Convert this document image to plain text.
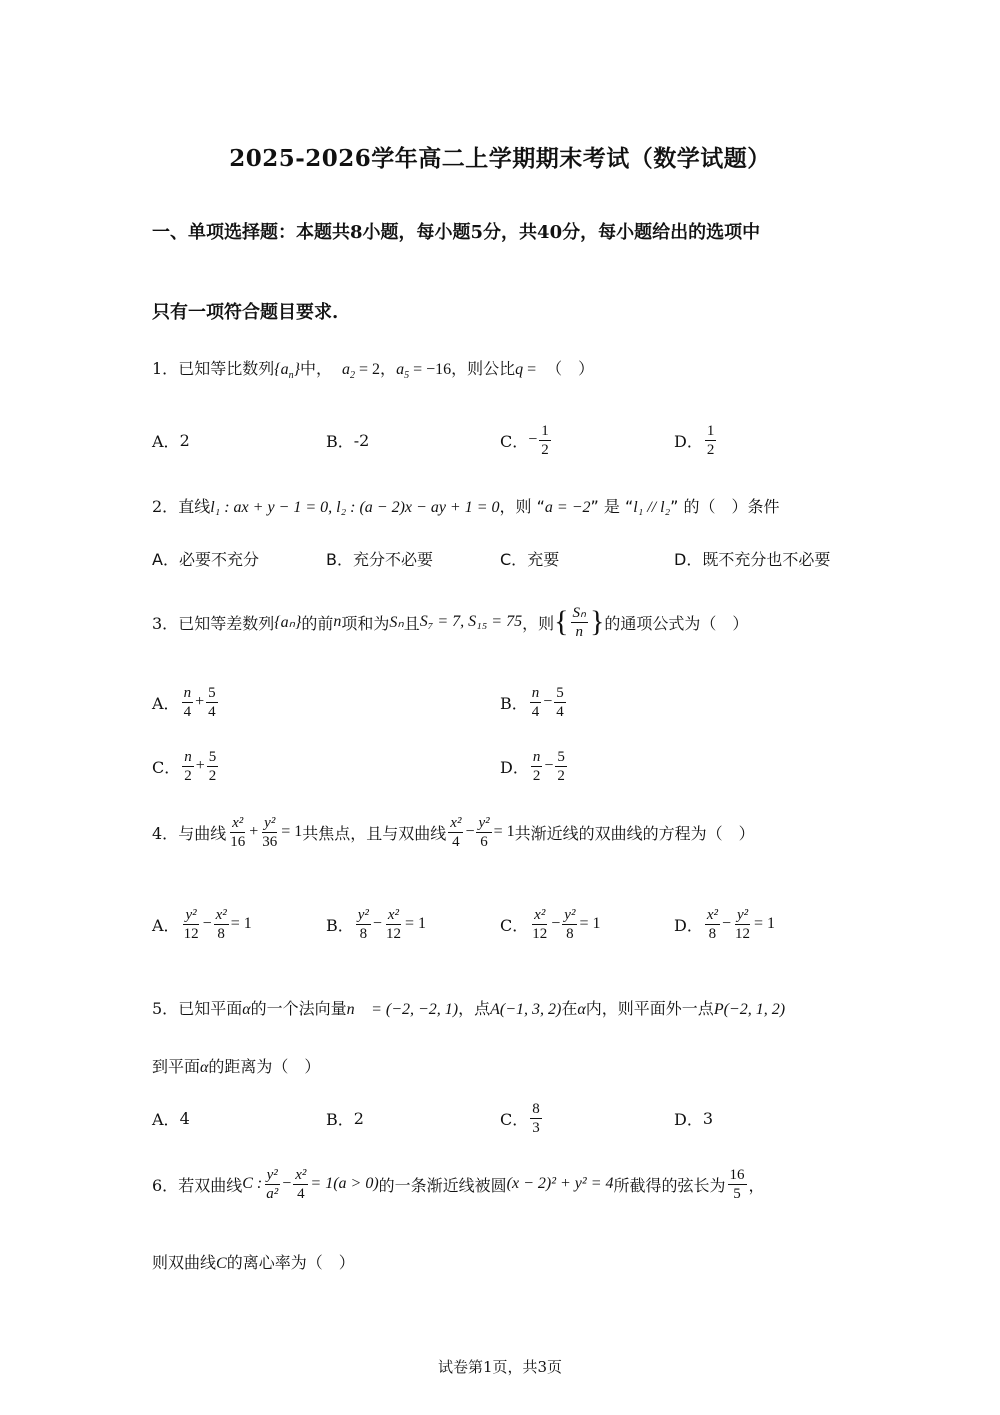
2025-2026学年高二上学期期末考试（数学试题）
一、单项选择题：本题共8小题，每小题5分，共40分，每小题给出的选项中
只有一项符合题目要求.
1．已知等比数列$\{a_n\}$中， $a_2 = 2$，$a_5 = -16$，则公比q = （　）
A． 2	B． -2	C． − $\frac{1}{2}$	D． $\frac{1}{2}$
2．直线l₁ : ax + y − 1 = 0, l₂ : (a − 2)x − ay + 1 = 0，则 “a = −2” 是 “l₁ // l₂” 的（　）条件
A． 必要不充分	B． 充分不必要	C． 充要	D． 既不充分也不必要
3． 已知等差数列 {aₙ} 的前 n 项和为 Sₙ 且 S₇ = 7, S₁₅ = 75 ，则 { $\frac{\text{Sₙ}}{n}$ } 的通项公式为（　）
A． $\frac{n}{4} + \frac{5}{4}$	B． $\frac{n}{4} - \frac{5}{4}$
C． $\frac{n}{2} + \frac{5}{2}$	D． $\frac{n}{2} - \frac{5}{2}$
4． 与曲线 $\frac{\text{x²}}{16} + \frac{\text{y²}}{36} = 1$ 共焦点，且与双曲线 $\frac{\text{x²}}{4} - \frac{\text{y²}}{6} = 1$ 共渐近线的双曲线的方程为（　）
A． $\frac{\text{y²}}{12} - \frac{\text{x²}}{8} = 1$	B． $\frac{\text{y²}}{8} - \frac{\text{x²}}{12} = 1$	C． $\frac{\text{x²}}{12} - \frac{\text{y²}}{8} = 1$	D． $\frac{\text{x²}}{8} - \frac{\text{y²}}{12} = 1$
5．已知平面α的一个法向量n⃗ = (−2, −2, 1)，点A(−1, 3, 2)在α内，则平面外一点P(−2, 1, 2)
到平面α的距离为（　）
A． 4	B． 2	C． $\frac{8}{3}$	D． 3
6． 若双曲线 C : $\frac{\text{y²}}{\text{a²}} - \frac{\text{x²}}{4} = 1(a > 0)$ 的一条渐近线被圆 (x − 2)² + y² = 4 所截得的弦长为 $\frac{16}{5}$ ，
则双曲线C的离心率为（　）
试卷第1页，共3页
